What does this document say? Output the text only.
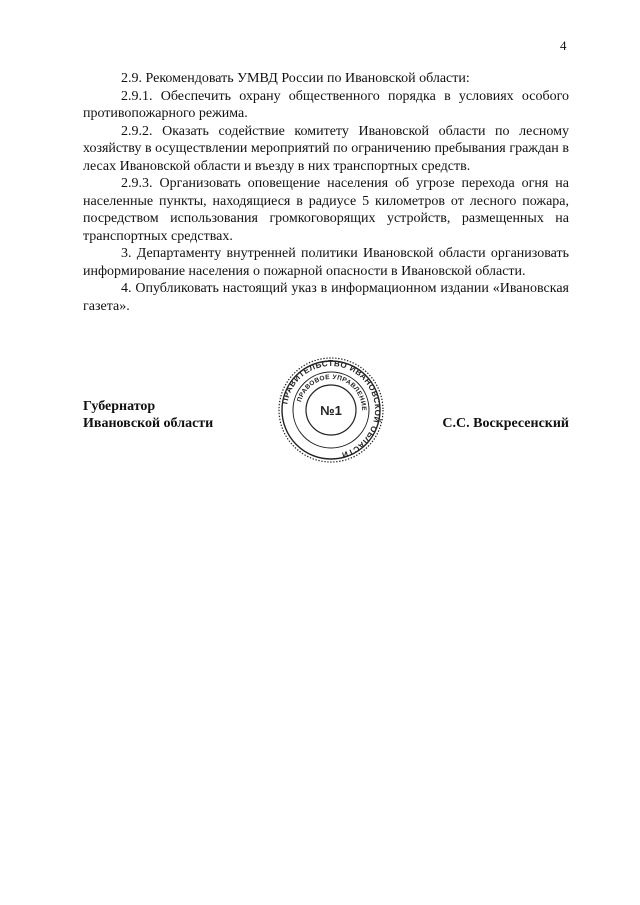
4

2.9. Рекомендовать УМВД России по Ивановской области:

2.9.1. Обеспечить охрану общественного порядка в условиях особого противопожарного режима.

2.9.2. Оказать содействие комитету Ивановской области по лесному хозяйству в осуществлении мероприятий по ограничению пребывания граждан в лесах Ивановской области и въезду в них транспортных средств.

2.9.3. Организовать оповещение населения об угрозе перехода огня на населенные пункты, находящиеся в радиусе 5 километров от лесного пожара, посредством использования громкоговорящих устройств, размещенных на транспортных средствах.

3. Департаменту внутренней политики Ивановской области организовать информирование населения о пожарной опасности в Ивановской области.

4. Опубликовать настоящий указ в информационном издании «Ивановская газета».

Губернатор
Ивановской области	С.С. Воскресенский
ПРАВИТЕЛЬСТВО ИВАНОВСКОЙ ОБЛАСТИ
ПРАВОВОЕ УПРАВЛЕНИЕ
№1
